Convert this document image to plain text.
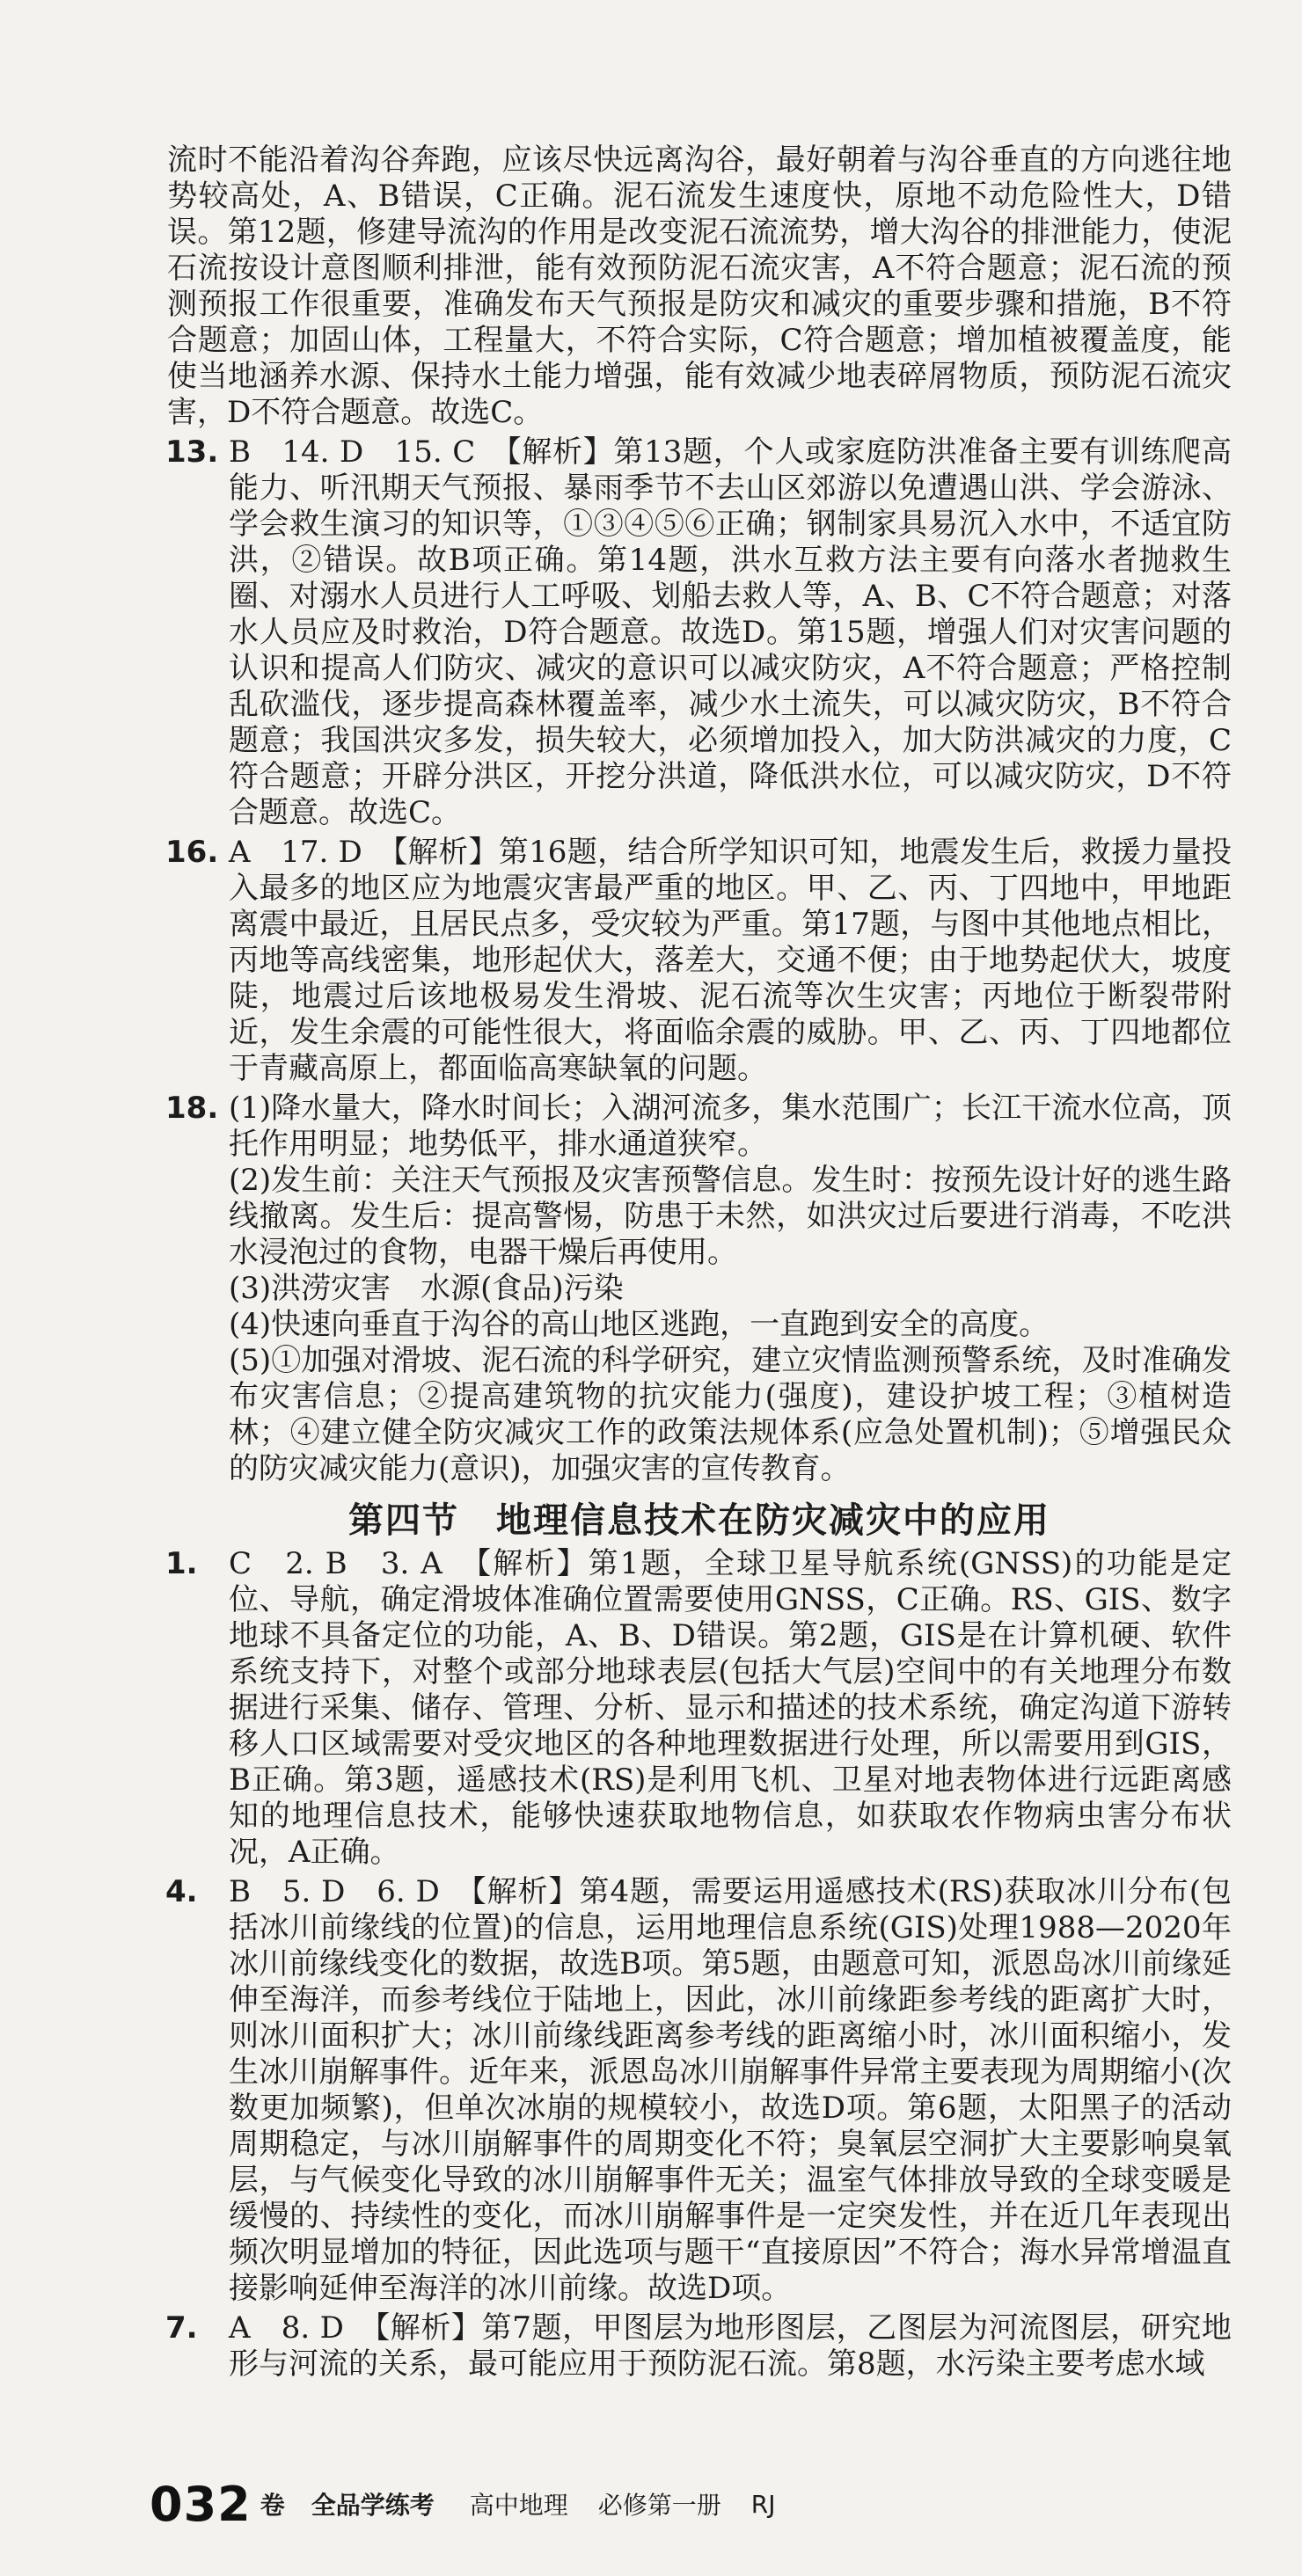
流时不能沿着沟谷奔跑，应该尽快远离沟谷，最好朝着与沟谷垂直的方向逃往地势较高处，A、B错误，C正确。泥石流发生速度快，原地不动危险性大，D错误。第12题，修建导流沟的作用是改变泥石流流势，增大沟谷的排泄能力，使泥石流按设计意图顺利排泄，能有效预防泥石流灾害，A不符合题意；泥石流的预测预报工作很重要，准确发布天气预报是防灾和减灾的重要步骤和措施，B不符合题意；加固山体，工程量大，不符合实际，C符合题意；增加植被覆盖度，能使当地涵养水源、保持水土能力增强，能有效减少地表碎屑物质，预防泥石流灾害，D不符合题意。故选C。

13. B　14. D　15. C　【解析】第13题，个人或家庭防洪准备主要有训练爬高能力、听汛期天气预报、暴雨季节不去山区郊游以免遭遇山洪、学会游泳、学会救生演习的知识等，①③④⑤⑥正确；钢制家具易沉入水中，不适宜防洪，②错误。故B项正确。第14题，洪水互救方法主要有向落水者抛救生圈、对溺水人员进行人工呼吸、划船去救人等，A、B、C不符合题意；对落水人员应及时救治，D符合题意。故选D。第15题，增强人们对灾害问题的认识和提高人们防灾、减灾的意识可以减灾防灾，A不符合题意；严格控制乱砍滥伐，逐步提高森林覆盖率，减少水土流失，可以减灾防灾，B不符合题意；我国洪灾多发，损失较大，必须增加投入，加大防洪减灾的力度，C符合题意；开辟分洪区，开挖分洪道，降低洪水位，可以减灾防灾，D不符合题意。故选C。
16. A　17. D　【解析】第16题，结合所学知识可知，地震发生后，救援力量投入最多的地区应为地震灾害最严重的地区。甲、乙、丙、丁四地中，甲地距离震中最近，且居民点多，受灾较为严重。第17题，与图中其他地点相比，丙地等高线密集，地形起伏大，落差大，交通不便；由于地势起伏大，坡度陡，地震过后该地极易发生滑坡、泥石流等次生灾害；丙地位于断裂带附近，发生余震的可能性很大，将面临余震的威胁。甲、乙、丙、丁四地都位于青藏高原上，都面临高寒缺氧的问题。
18. (1)降水量大，降水时间长；入湖河流多，集水范围广；长江干流水位高，顶托作用明显；地势低平，排水通道狭窄。

(2)发生前：关注天气预报及灾害预警信息。发生时：按预先设计好的逃生路线撤离。发生后：提高警惕，防患于未然，如洪灾过后要进行消毒，不吃洪水浸泡过的食物，电器干燥后再使用。

(3)洪涝灾害　水源(食品)污染

(4)快速向垂直于沟谷的高山地区逃跑，一直跑到安全的高度。

(5)①加强对滑坡、泥石流的科学研究，建立灾情监测预警系统，及时准确发布灾害信息；②提高建筑物的抗灾能力(强度)，建设护坡工程；③植树造林；④建立健全防灾减灾工作的政策法规体系(应急处置机制)；⑤增强民众的防灾减灾能力(意识)，加强灾害的宣传教育。

第四节　地理信息技术在防灾减灾中的应用
1. C　2. B　3. A　【解析】第1题，全球卫星导航系统(GNSS)的功能是定位、导航，确定滑坡体准确位置需要使用GNSS，C正确。RS、GIS、数字地球不具备定位的功能，A、B、D错误。第2题，GIS是在计算机硬、软件系统支持下，对整个或部分地球表层(包括大气层)空间中的有关地理分布数据进行采集、储存、管理、分析、显示和描述的技术系统，确定沟道下游转移人口区域需要对受灾地区的各种地理数据进行处理，所以需要用到GIS，B正确。第3题，遥感技术(RS)是利用飞机、卫星对地表物体进行远距离感知的地理信息技术，能够快速获取地物信息，如获取农作物病虫害分布状况，A正确。
4. B　5. D　6. D　【解析】第4题，需要运用遥感技术(RS)获取冰川分布(包括冰川前缘线的位置)的信息，运用地理信息系统(GIS)处理1988—2020年冰川前缘线变化的数据，故选B项。第5题，由题意可知，派恩岛冰川前缘延伸至海洋，而参考线位于陆地上，因此，冰川前缘距参考线的距离扩大时，则冰川面积扩大；冰川前缘线距离参考线的距离缩小时，冰川面积缩小，发生冰川崩解事件。近年来，派恩岛冰川崩解事件异常主要表现为周期缩小(次数更加频繁)，但单次冰崩的规模较小，故选D项。第6题，太阳黑子的活动周期稳定，与冰川崩解事件的周期变化不符；臭氧层空洞扩大主要影响臭氧层，与气候变化导致的冰川崩解事件无关；温室气体排放导致的全球变暖是缓慢的、持续性的变化，而冰川崩解事件是一定突发性，并在近几年表现出频次明显增加的特征，因此选项与题干“直接原因”不符合；海水异常增温直接影响延伸至海洋的冰川前缘。故选D项。
7. A　8. D　【解析】第7题，甲图层为地形图层，乙图层为河流图层，研究地形与河流的关系，最可能应用于预防泥石流。第8题，水污染主要考虑水域
032 卷 全品学练考 高中地理 必修第一册 RJ
